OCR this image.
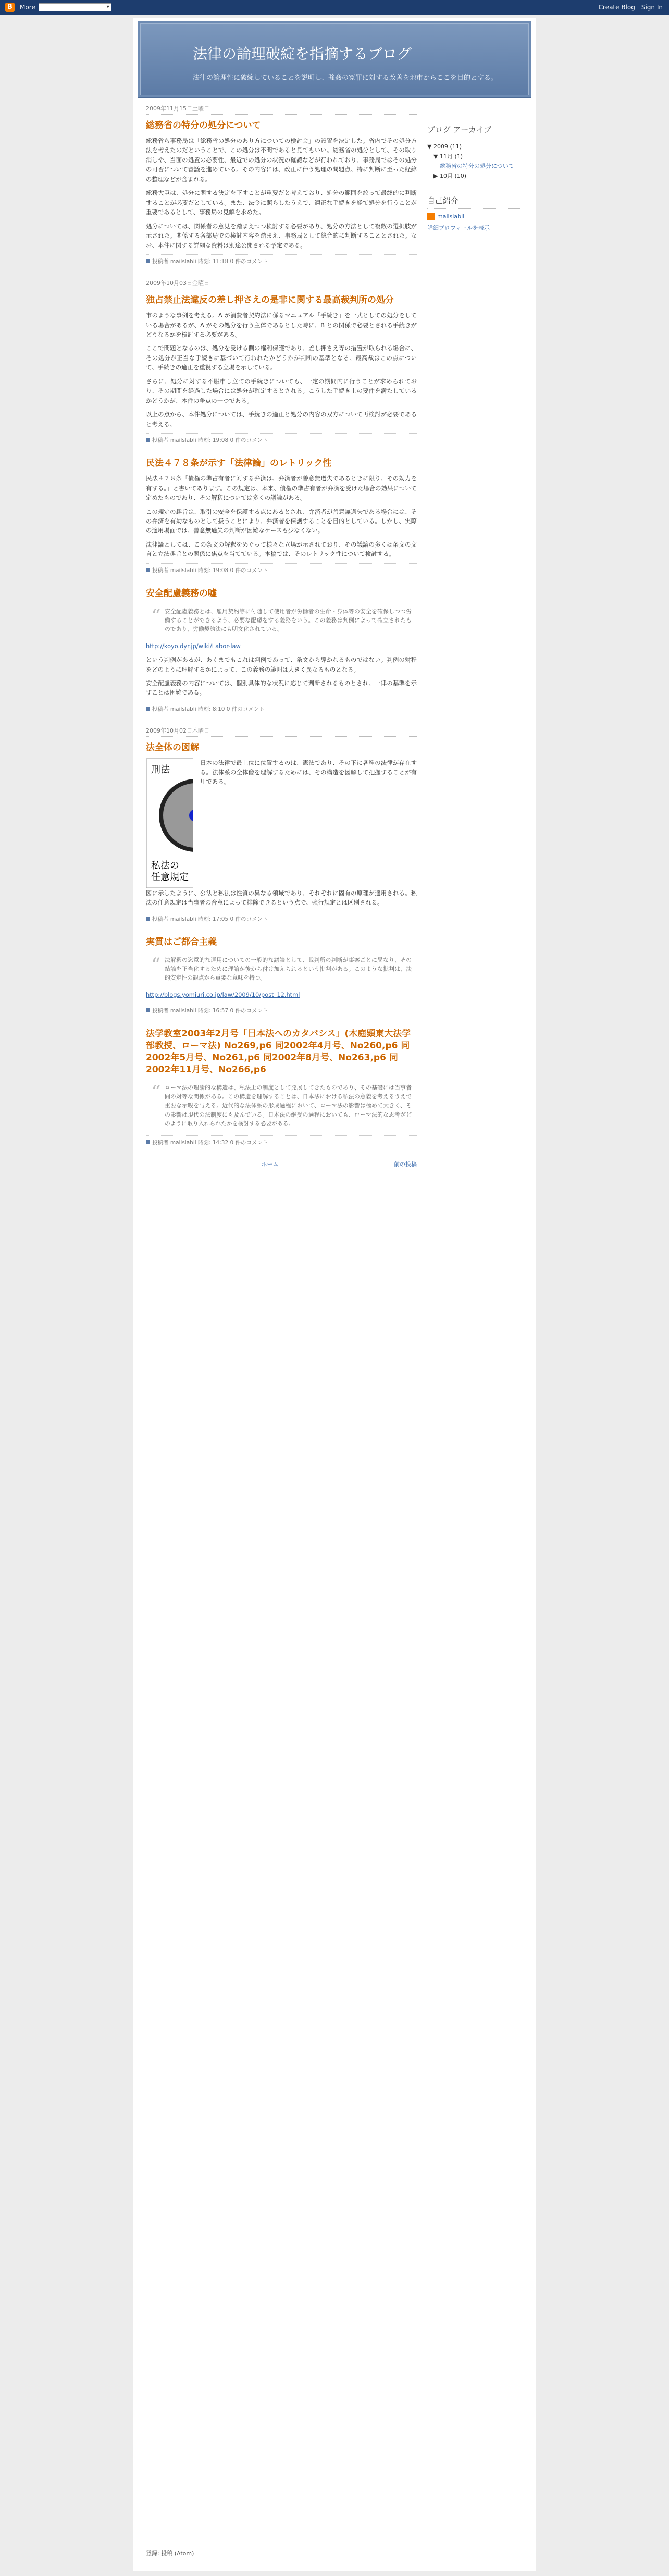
B	More
▾	Create Blog Sign In
法律の論理破綻を指摘するブログ
法律の論理性に破綻していることを説明し、強姦の冤罪に対する改善を地市からここを目的とする。
2009年11月15日土曜日
総務省の特分の処分について

総務省ら事務局は「総務省の処分のあり方についての検討会」の設置を決定した。省内でその処分方法を考えたのだということで、この処分は不問であると見てもいい。総務省の処分として、その取り消しや、当面の処置の必要性、最近での処分の状況の確認などが行われており、事務局ではその処分の可否について審議を進めている。その内容には、改正に伴う処理の問題点、特に判断に至った経緯の整理などが含まれる。

総務大臣は、処分に関する決定を下すことが重要だと考えており、処分の範囲を絞って最終的に判断することが必要だとしている。また、法令に照らしたうえで、適正な手続きを経て処分を行うことが重要であるとして、事務局の見解を求めた。

処分については、関係者の意見を踏まえつつ検討する必要があり、処分の方法として複数の選択肢が示された。関係する各部局での検討内容を踏まえ、事務局として総合的に判断することとされた。なお、本件に関する詳細な資料は別途公開される予定である。

投稿者 mailslabli 時刻: 11:18 0 件のコメント
2009年10月03日金曜日
独占禁止法違反の差し押さえの是非に関する最高裁判所の処分

市のような事例を考える。A が消費者契約法に係るマニュアル「手続き」を一式としての処分をしている場合があるが、A がその処分を行う主体であるとした時に、B との関係で必要とされる手続きがどうなるかを検討する必要がある。

ここで問題となるのは、処分を受ける側の権利保護であり、差し押さえ等の措置が取られる場合に、その処分が正当な手続きに基づいて行われたかどうかが判断の基準となる。最高裁はこの点について、手続きの適正を重視する立場を示している。

さらに、処分に対する不服申し立ての手続きについても、一定の期間内に行うことが求められており、その期間を経過した場合には処分が確定するとされる。こうした手続き上の要件を満たしているかどうかが、本件の争点の一つである。

以上の点から、本件処分については、手続きの適正と処分の内容の双方について再検討が必要であると考える。

投稿者 mailslabli 時刻: 19:08 0 件のコメント
民法４７８条が示す「法律論」のレトリック性

民法４７８条「債権の準占有者に対する弁済は、弁済者が善意無過失であるときに限り、その効力を有する。」と書いてあります。この規定は、本来、債権の準占有者が弁済を受けた場合の効果について定めたものであり、その解釈については多くの議論がある。

この規定の趣旨は、取引の安全を保護する点にあるとされ、弁済者が善意無過失である場合には、その弁済を有効なものとして扱うことにより、弁済者を保護することを目的としている。しかし、実際の適用場面では、善意無過失の判断が困難なケースも少なくない。

法律論としては、この条文の解釈をめぐって様々な立場が示されており、その議論の多くは条文の文言と立法趣旨との関係に焦点を当てている。本稿では、そのレトリック性について検討する。

投稿者 mailslabli 時刻: 19:08 0 件のコメント
安全配慮義務の嘘
“ 安全配慮義務とは、雇用契約等に付随して使用者が労働者の生命・身体等の安全を確保しつつ労働することができるよう、必要な配慮をする義務をいう。この義務は判例によって確立されたものであり、労働契約法にも明文化されている。

http://koyo.dyr.jp/wiki/Labor-law

という判例があるが、あくまでもこれは判例であって、条文から導かれるものではない。判例の射程をどのように理解するかによって、この義務の範囲は大きく異なるものとなる。

安全配慮義務の内容については、個別具体的な状況に応じて判断されるものとされ、一律の基準を示すことは困難である。

投稿者 mailslabli 時刻: 8:10 0 件のコメント
2009年10月02日木曜日
法全体の図解
刑法
私法の
任意規定
日本の法律で最上位に位置するのは、憲法であり、その下に各種の法律が存在する。法体系の全体像を理解するためには、その構造を図解して把握することが有用である。

図に示したように、公法と私法は性質の異なる領域であり、それぞれに固有の原理が適用される。私法の任意規定は当事者の合意によって排除できるという点で、強行規定とは区別される。

投稿者 mailslabli 時刻: 17:05 0 件のコメント
実質はご都合主義
“ 法解釈の恣意的な運用についての一般的な議論として、裁判所の判断が事案ごとに異なり、その結論を正当化するために理論が後から付け加えられるという批判がある。このような批判は、法的安定性の観点から重要な意味を持つ。

http://blogs.yomiuri.co.jp/law/2009/10/post_12.html

投稿者 mailslabli 時刻: 16:57 0 件のコメント
法学教室2003年2月号「日本法へのカタバシス」(木庭顕東大法学部教授、ローマ法) No269,p6 同2002年4月号、No260,p6 同2002年5月号、No261,p6 同2002年8月号、No263,p6 同2002年11月号、No266,p6
“ ローマ法の理論的な構造は、私法上の制度として発展してきたものであり、その基礎には当事者間の対等な関係がある。この構造を理解することは、日本法における私法の意義を考えるうえで重要な示唆を与える。近代的な法体系の形成過程において、ローマ法の影響は極めて大きく、その影響は現代の法制度にも及んでいる。日本法の継受の過程においても、ローマ法的な思考がどのように取り入れられたかを検討する必要がある。
投稿者 mailslabli 時刻: 14:32 0 件のコメント
ホーム	前の投稿
ブログ アーカイブ
▼ 2009 (11)
▼ 11月 (1)
総務省の特分の処分について
▶ 10月 (10)
自己紹介
mailslabli
詳細プロフィールを表示
登録: 投稿 (Atom)
